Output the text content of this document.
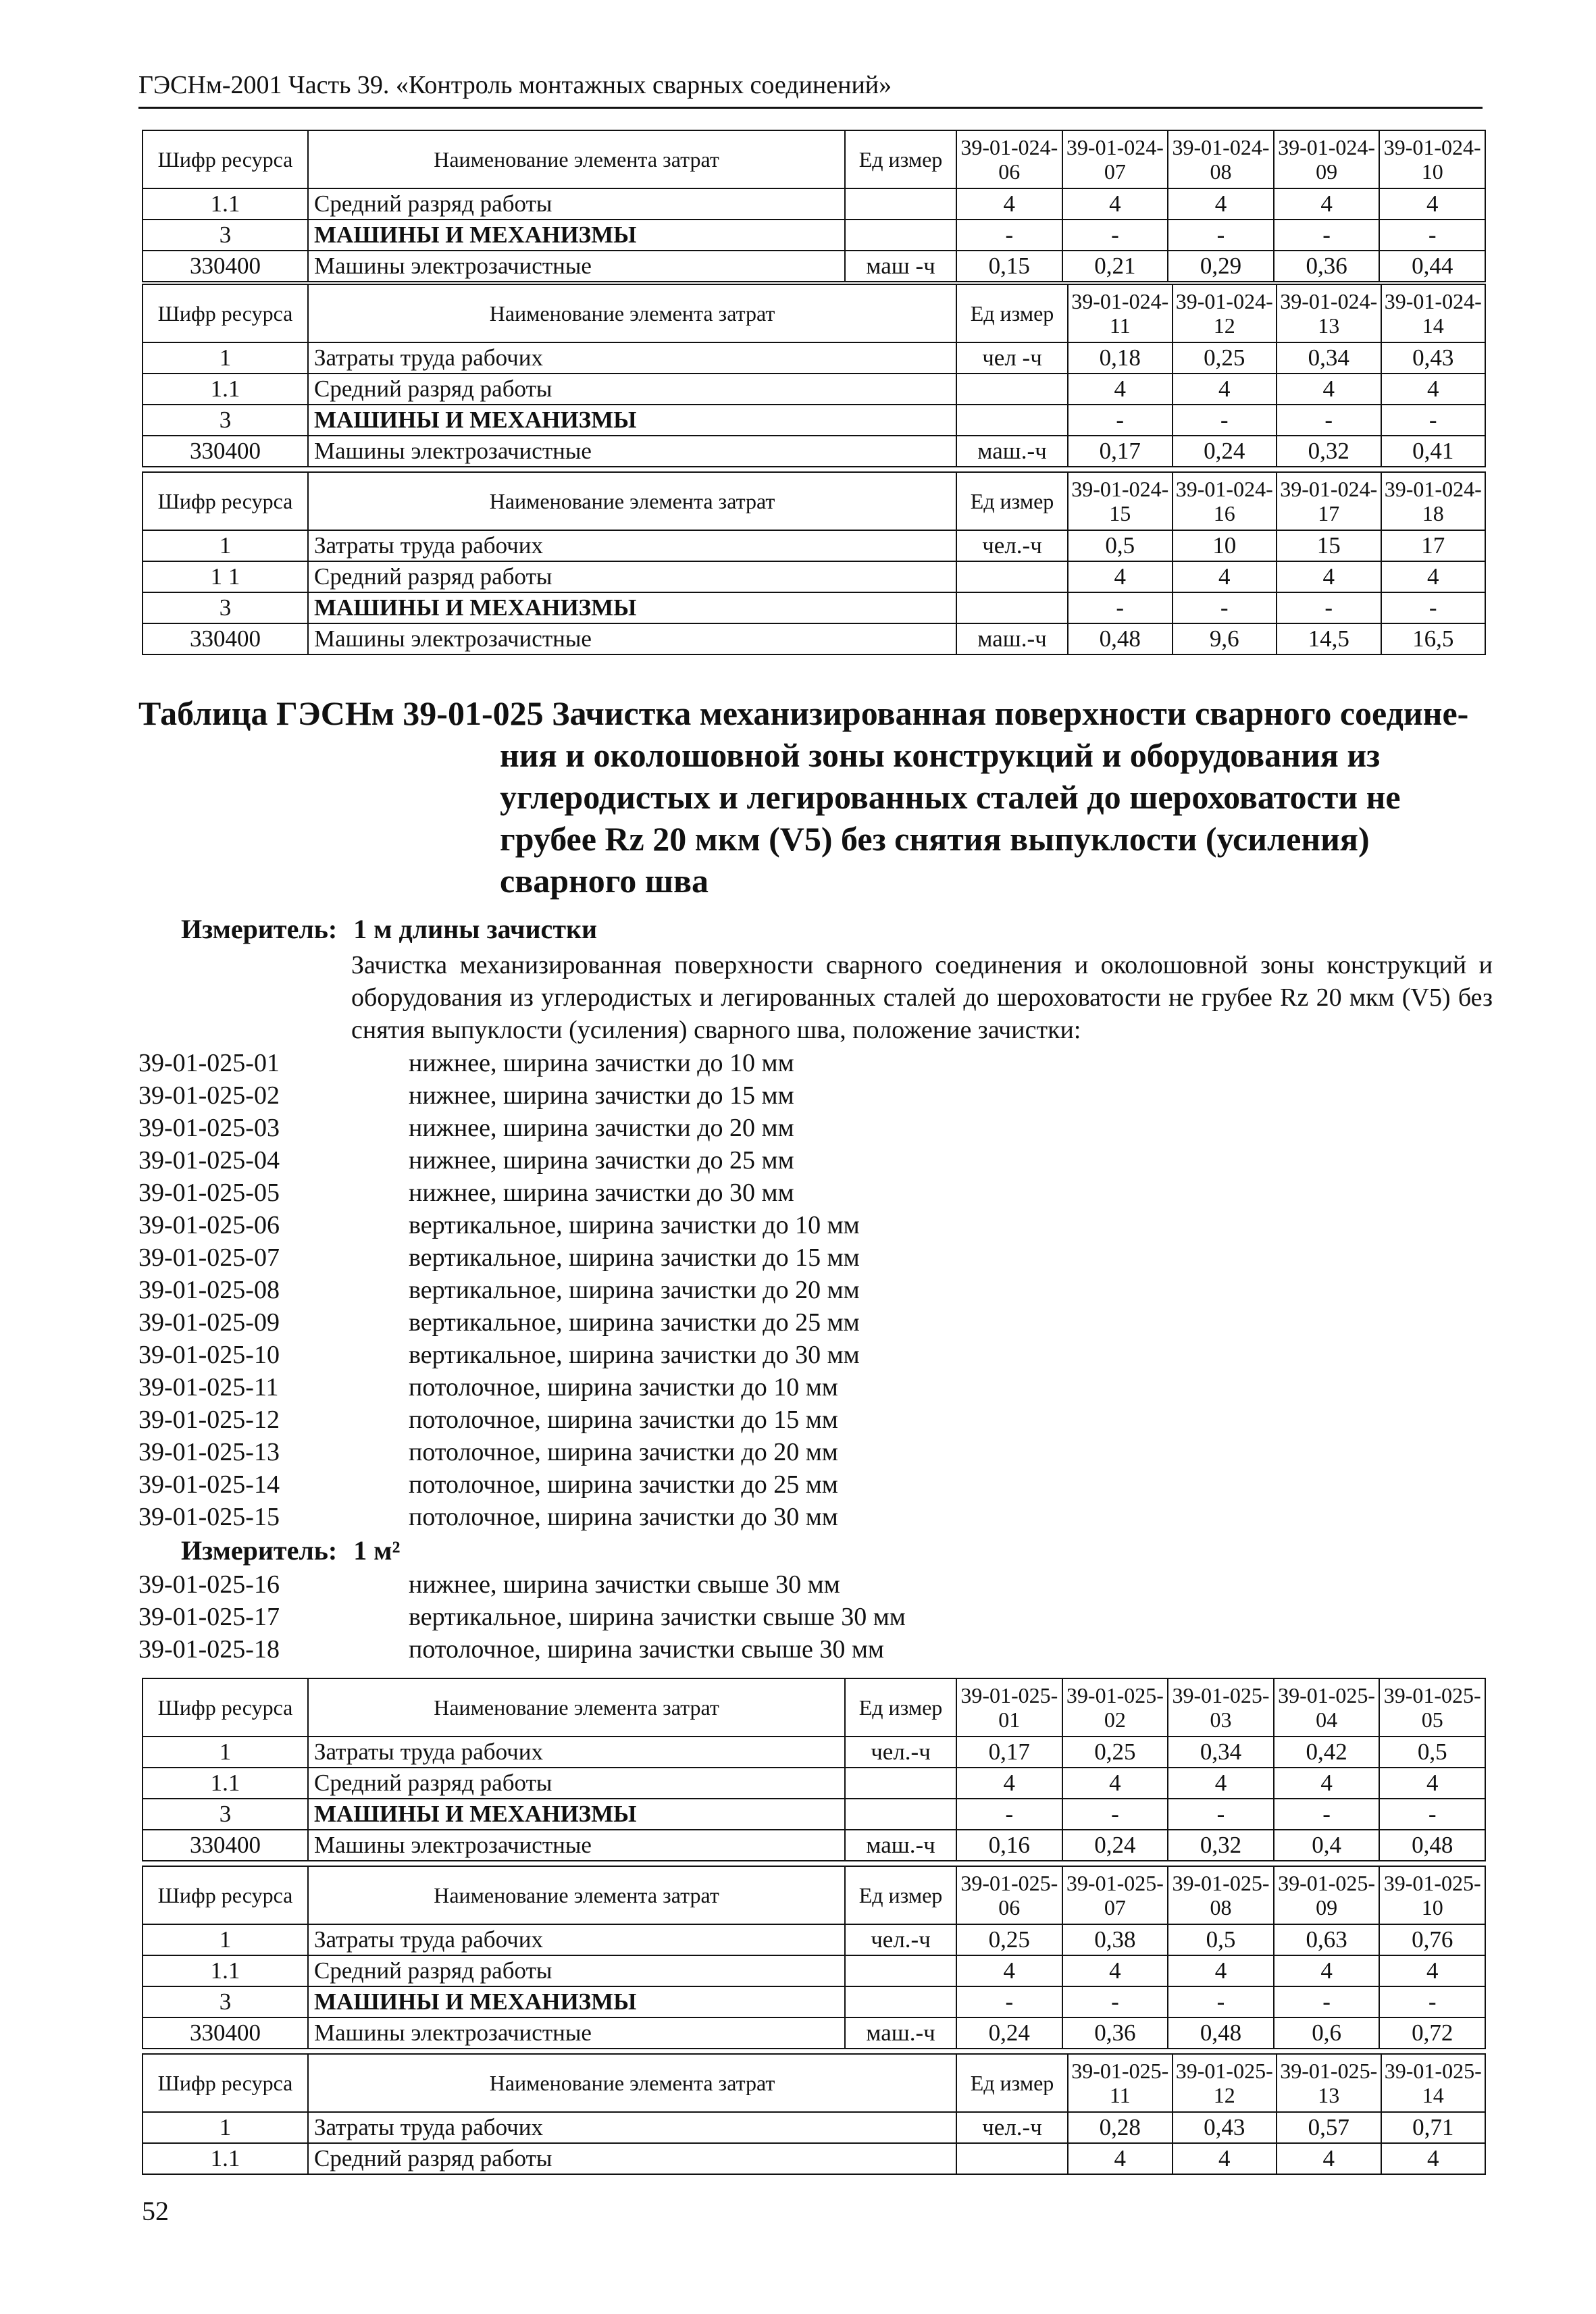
ГЭСНм-2001 Часть 39. «Контроль монтажных сварных соединений»
Шифр ресурса	Наименование элемента затрат	Ед измер	39-01-024-06	39-01-024-07	39-01-024-08	39-01-024-09	39-01-024-10
1.1	Средний разряд работы		4	4	4	4	4
3	МАШИНЫ И МЕХАНИЗМЫ		-	-	-	-	-
330400	Машины электрозачистные	маш -ч	0,15	0,21	0,29	0,36	0,44
Шифр ресурса	Наименование элемента затрат	Ед измер	39-01-024-11	39-01-024-12	39-01-024-13	39-01-024-14
1	Затраты труда рабочих	чел -ч	0,18	0,25	0,34	0,43
1.1	Средний разряд работы		4	4	4	4
3	МАШИНЫ И МЕХАНИЗМЫ		-	-	-	-
330400	Машины электрозачистные	маш.-ч	0,17	0,24	0,32	0,41
Шифр ресурса	Наименование элемента затрат	Ед измер	39-01-024-15	39-01-024-16	39-01-024-17	39-01-024-18
1	Затраты труда рабочих	чел.-ч	0,5	10	15	17
1 1	Средний разряд работы		4	4	4	4
3	МАШИНЫ И МЕХАНИЗМЫ		-	-	-	-
330400	Машины электрозачистные	маш.-ч	0,48	9,6	14,5	16,5
Таблица ГЭСНм 39-01-025 Зачистка механизированная поверхности сварного соедине-
ния и околошовной зоны конструкций и оборудования из углеродистых и легированных сталей до шероховатости не грубее Rz 20 мкм (V5) без снятия выпуклости (усиления) сварного шва
Измеритель: 1 м длины зачистки
Зачистка механизированная поверхности сварного соединения и околошовной зоны конструкций и оборудования из углеродистых и легированных сталей до шероховатости не грубее Rz 20 мкм (V5) без снятия выпуклости (усиления) сварного шва, положение зачистки:
39-01-025-01	нижнее, ширина зачистки до 10 мм
39-01-025-02	нижнее, ширина зачистки до 15 мм
39-01-025-03	нижнее, ширина зачистки до 20 мм
39-01-025-04	нижнее, ширина зачистки до 25 мм
39-01-025-05	нижнее, ширина зачистки до 30 мм
39-01-025-06	вертикальное, ширина зачистки до 10 мм
39-01-025-07	вертикальное, ширина зачистки до 15 мм
39-01-025-08	вертикальное, ширина зачистки до 20 мм
39-01-025-09	вертикальное, ширина зачистки до 25 мм
39-01-025-10	вертикальное, ширина зачистки до 30 мм
39-01-025-11	потолочное, ширина зачистки до 10 мм
39-01-025-12	потолочное, ширина зачистки до 15 мм
39-01-025-13	потолочное, ширина зачистки до 20 мм
39-01-025-14	потолочное, ширина зачистки до 25 мм
39-01-025-15	потолочное, ширина зачистки до 30 мм
Измеритель: 1 м²
39-01-025-16	нижнее, ширина зачистки свыше 30 мм
39-01-025-17	вертикальное, ширина зачистки свыше 30 мм
39-01-025-18	потолочное, ширина зачистки свыше 30 мм
Шифр ресурса	Наименование элемента затрат	Ед измер	39-01-025-01	39-01-025-02	39-01-025-03	39-01-025-04	39-01-025-05
1	Затраты труда рабочих	чел.-ч	0,17	0,25	0,34	0,42	0,5
1.1	Средний разряд работы		4	4	4	4	4
3	МАШИНЫ И МЕХАНИЗМЫ		-	-	-	-	-
330400	Машины электрозачистные	маш.-ч	0,16	0,24	0,32	0,4	0,48
Шифр ресурса	Наименование элемента затрат	Ед измер	39-01-025-06	39-01-025-07	39-01-025-08	39-01-025-09	39-01-025-10
1	Затраты труда рабочих	чел.-ч	0,25	0,38	0,5	0,63	0,76
1.1	Средний разряд работы		4	4	4	4	4
3	МАШИНЫ И МЕХАНИЗМЫ		-	-	-	-	-
330400	Машины электрозачистные	маш.-ч	0,24	0,36	0,48	0,6	0,72
Шифр ресурса	Наименование элемента затрат	Ед измер	39-01-025-11	39-01-025-12	39-01-025-13	39-01-025-14
1	Затраты труда рабочих	чел.-ч	0,28	0,43	0,57	0,71
1.1	Средний разряд работы		4	4	4	4
52
